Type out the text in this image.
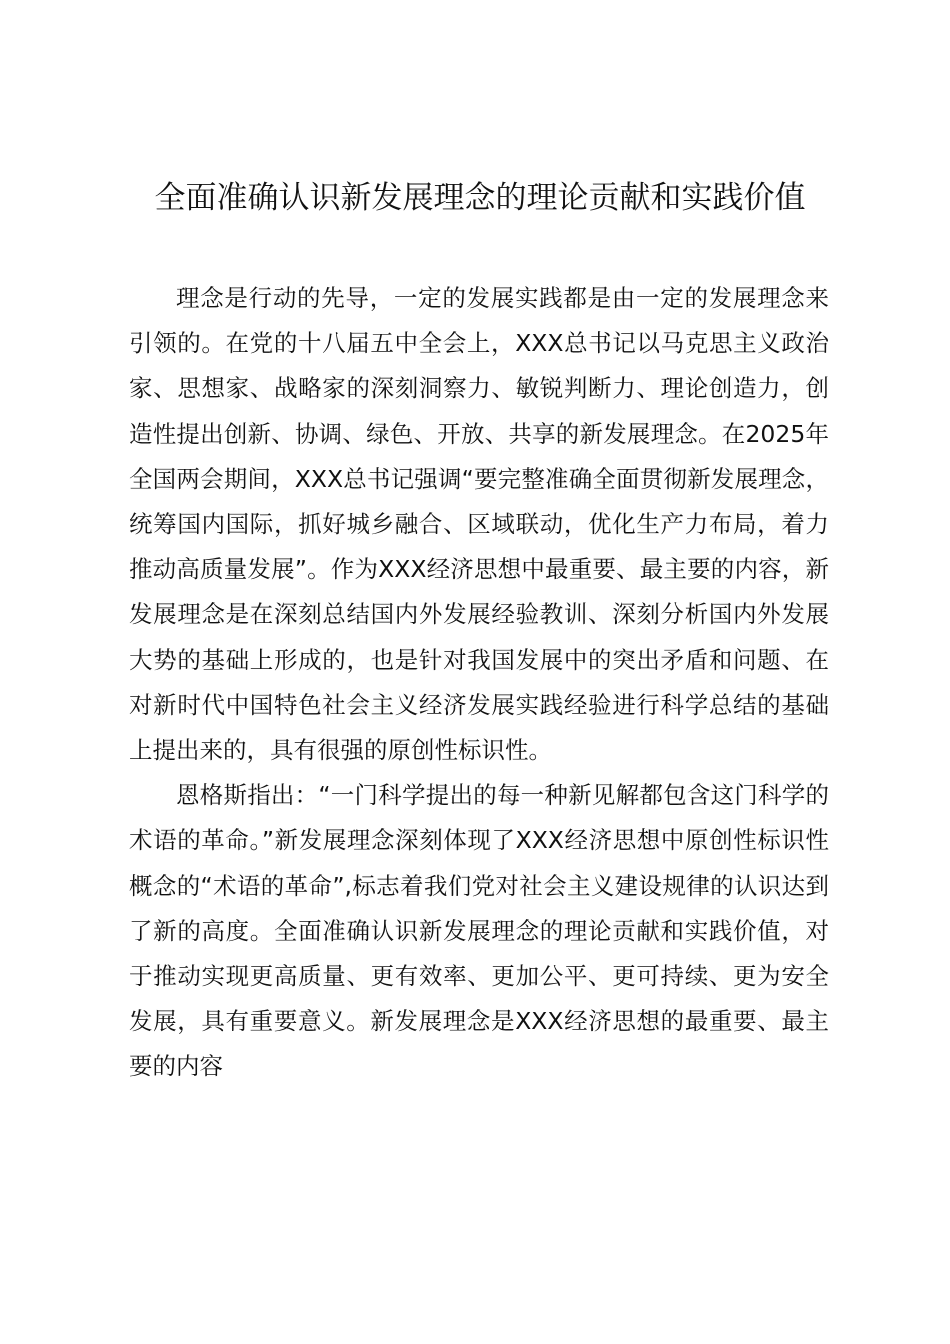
全面准确认识新发展理念的理论贡献和实践价值

理念是行动的先导，一定的发展实践都是由一定的发展理念来引领的。在党的十八届五中全会上，XXX总书记以马克思主义政治家、思想家、战略家的深刻洞察力、敏锐判断力、理论创造力，创造性提出创新、协调、绿色、开放、共享的新发展理念。在2025年全国两会期间，XXX总书记强调“要完整准确全面贯彻新发展理念，统筹国内国际，抓好城乡融合、区域联动，优化生产力布局，着力推动高质量发展”。作为XXX经济思想中最重要、最主要的内容，新发展理念是在深刻总结国内外发展经验教训、深刻分析国内外发展大势的基础上形成的，也是针对我国发展中的突出矛盾和问题、在对新时代中国特色社会主义经济发展实践经验进行科学总结的基础上提出来的，具有很强的原创性标识性。

恩格斯指出：“一门科学提出的每一种新见解都包含这门科学的术语的革命。”新发展理念深刻体现了XXX经济思想中原创性标识性概念的“术语的革命”,标志着我们党对社会主义建设规律的认识达到了新的高度。全面准确认识新发展理念的理论贡献和实践价值，对于推动实现更高质量、更有效率、更加公平、更可持续、更为安全发展，具有重要意义。新发展理念是XXX经济思想的最重要、最主要的内容
